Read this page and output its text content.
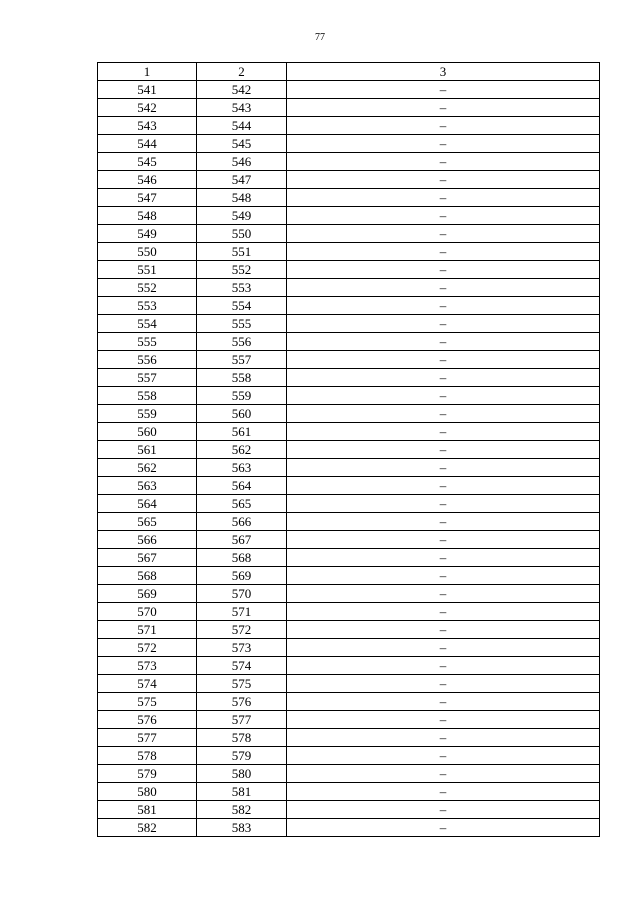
77
1	2	3
541	542	–
542	543	–
543	544	–
544	545	–
545	546	–
546	547	–
547	548	–
548	549	–
549	550	–
550	551	–
551	552	–
552	553	–
553	554	–
554	555	–
555	556	–
556	557	–
557	558	–
558	559	–
559	560	–
560	561	–
561	562	–
562	563	–
563	564	–
564	565	–
565	566	–
566	567	–
567	568	–
568	569	–
569	570	–
570	571	–
571	572	–
572	573	–
573	574	–
574	575	–
575	576	–
576	577	–
577	578	–
578	579	–
579	580	–
580	581	–
581	582	–
582	583	–
